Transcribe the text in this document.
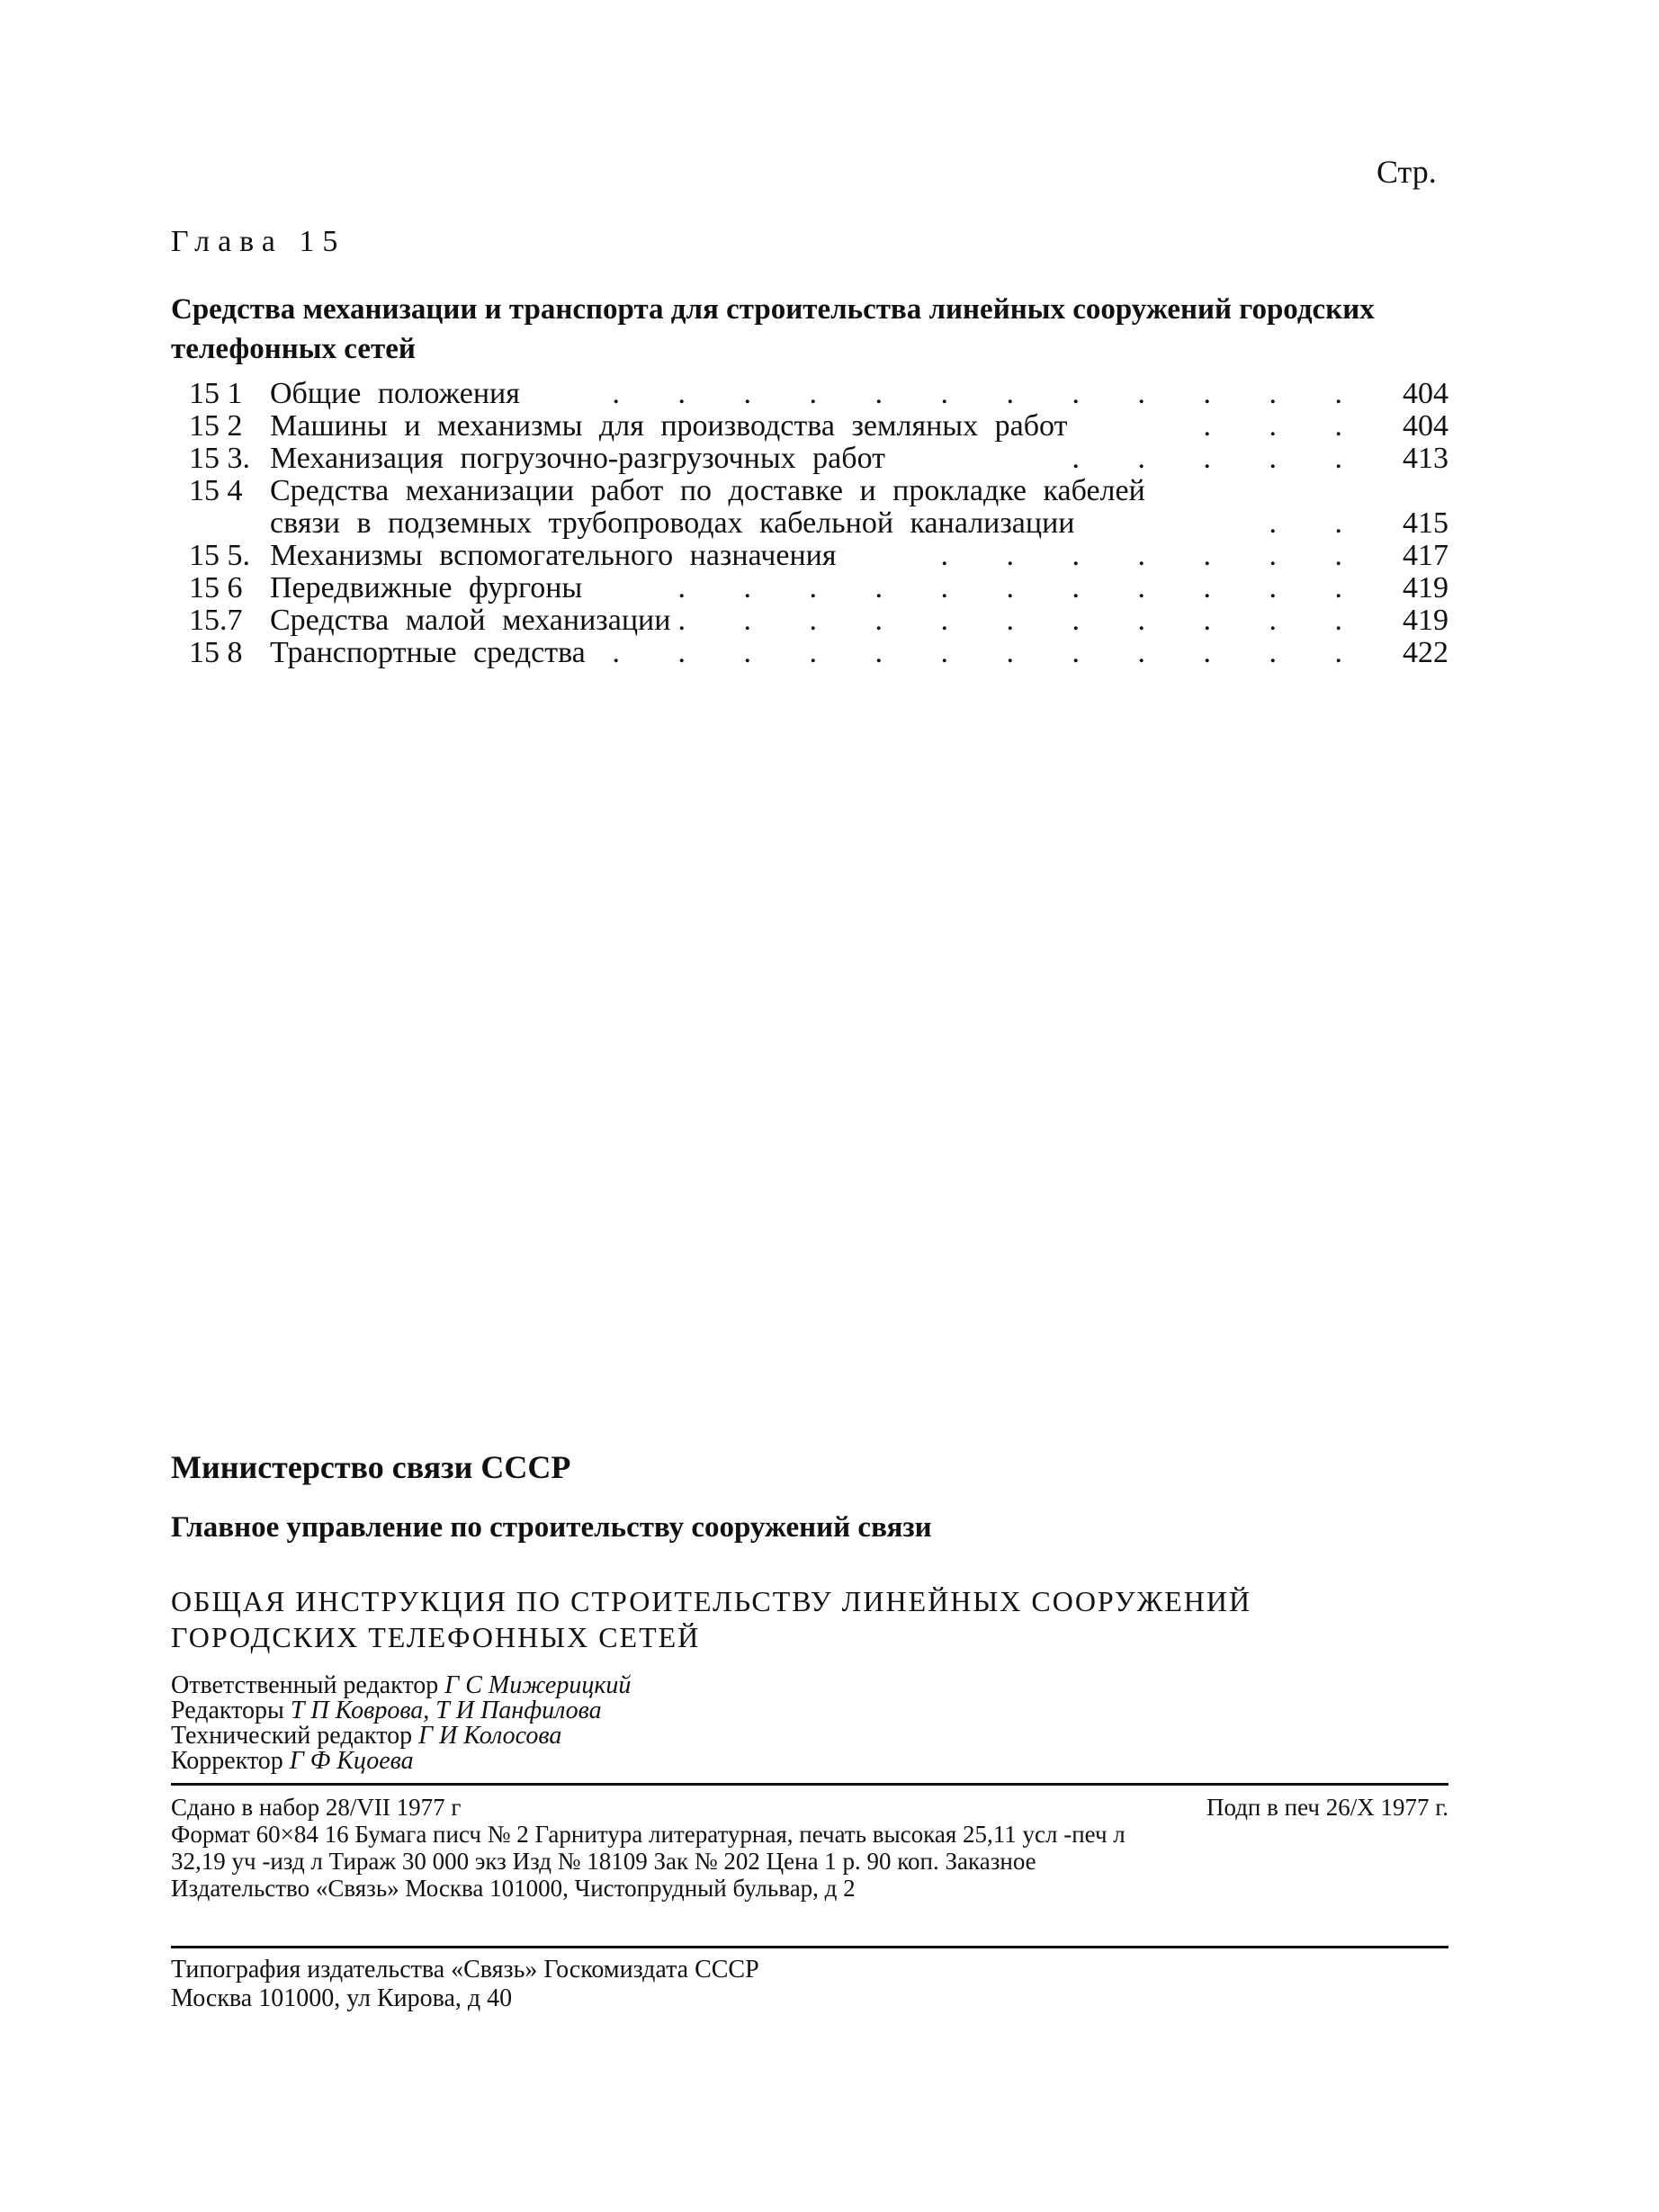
Стр.
Глава 15
Средства механизации и транспорта для строительства линейных сооружений городских телефонных сетей
15 1 Общие положения	. . . . . . . . . . . . 404
15 2 Машины и механизмы для производства земляных работ	. . . 404
15 3. Механизация погрузочно-разгрузочных работ	. . . . . 413
15 4 Средства механизации работ по доставке и прокладке кабелей
связи в подземных трубопроводах кабельной канализации	. . 415
15 5. Механизмы вспомогательного назначения	. . . . . . . 417
15 6 Передвижные фургоны	. . . . . . . . . . . 419
15.7 Средства малой механизации . . . . . . . . . . . 419
15 8 Транспортные средства . . . . . . . . . . . . 422
Министерство связи СССР
Главное управление по строительству сооружений связи
ОБЩАЯ ИНСТРУКЦИЯ ПО СТРОИТЕЛЬСТВУ ЛИНЕЙНЫХ СООРУЖЕНИЙ ГОРОДСКИХ ТЕЛЕФОННЫХ СЕТЕЙ
Ответственный редактор Г С Мижерицкий
Редакторы Т П Коврова, Т И Панфилова
Технический редактор Г И Колосова
Корректор Г Ф Кцоева
Сдано в набор 28/VII 1977 г	Подп в печ 26/X 1977 г.
Формат 60×84 16 Бумага писч № 2 Гарнитура литературная, печать высокая 25,11 усл -печ л
32,19 уч -изд л Тираж 30 000 экз Изд № 18109 Зак № 202 Цена 1 р. 90 коп. Заказное
Издательство «Связь» Москва 101000, Чистопрудный бульвар, д 2
Типография издательства «Связь» Госкомиздата СССР
Москва 101000, ул Кирова, д 40
